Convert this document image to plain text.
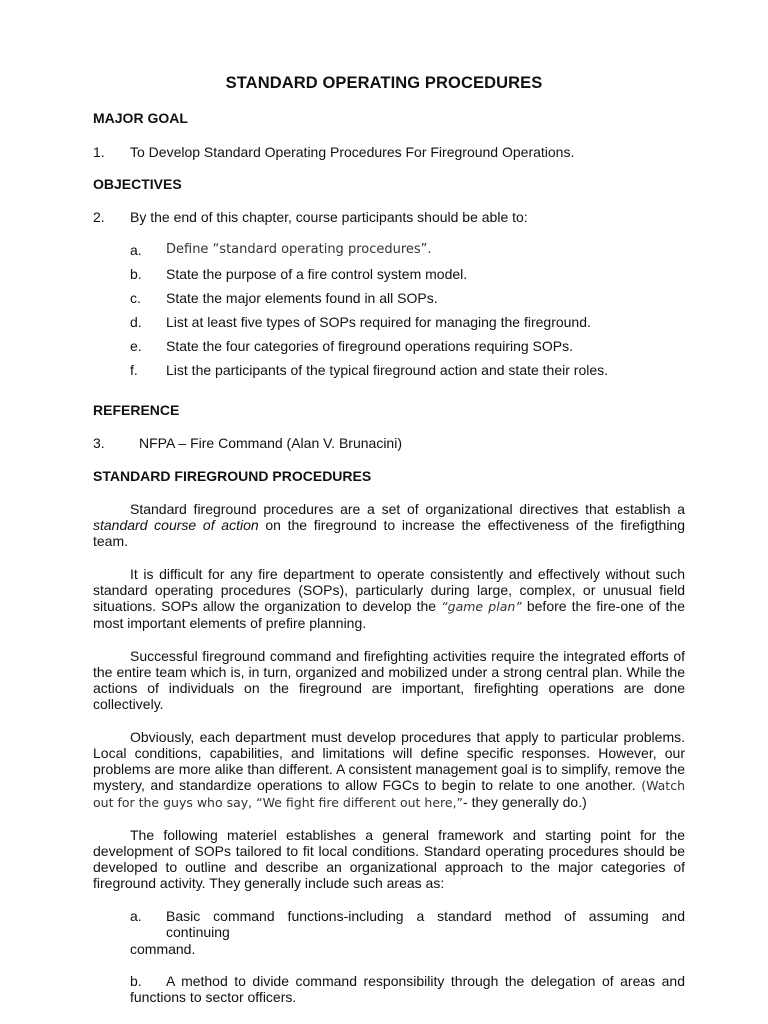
STANDARD OPERATING PROCEDURES
MAJOR GOAL
1. To Develop Standard Operating Procedures For Fireground Operations.
OBJECTIVES
2. By the end of this chapter, course participants should be able to:
a. Define “standard operating procedures”.
b. State the purpose of a fire control system model.
c. State the major elements found in all SOPs.
d. List at least five types of SOPs required for managing the fireground.
e. State the four categories of fireground operations requiring SOPs.
f. List the participants of the typical fireground action and state their roles.
REFERENCE
3. NFPA – Fire Command (Alan V. Brunacini)
STANDARD FIREGROUND PROCEDURES
Standard fireground procedures are a set of organizational directives that establish a standard course of action on the fireground to increase the effectiveness of the firefigthing team.
It is difficult for any fire department to operate consistently and effectively without such standard operating procedures (SOPs), particularly during large, complex, or unusual field situations. SOPs allow the organization to develop the “game plan” before the fire-one of the most important elements of prefire planning.
Successful fireground command and firefighting activities require the integrated efforts of the entire team which is, in turn, organized and mobilized under a strong central plan. While the actions of individuals on the fireground are important, firefighting operations are done collectively.
Obviously, each department must develop procedures that apply to particular problems. Local conditions, capabilities, and limitations will define specific responses. However, our problems are more alike than different. A consistent management goal is to simplify, remove the mystery, and standardize operations to allow FGCs to begin to relate to one another. (Watch out for the guys who say, “We fight fire different out here,”- they generally do.)
The following materiel establishes a general framework and starting point for the development of SOPs tailored to fit local conditions. Standard operating procedures should be developed to outline and describe an organizational approach to the major categories of fireground activity. They generally include such areas as:
a. Basic command functions-including a standard method of assuming and
continuing
command.
b. A method to divide command responsibility through the delegation of areas and
functions to sector officers.
